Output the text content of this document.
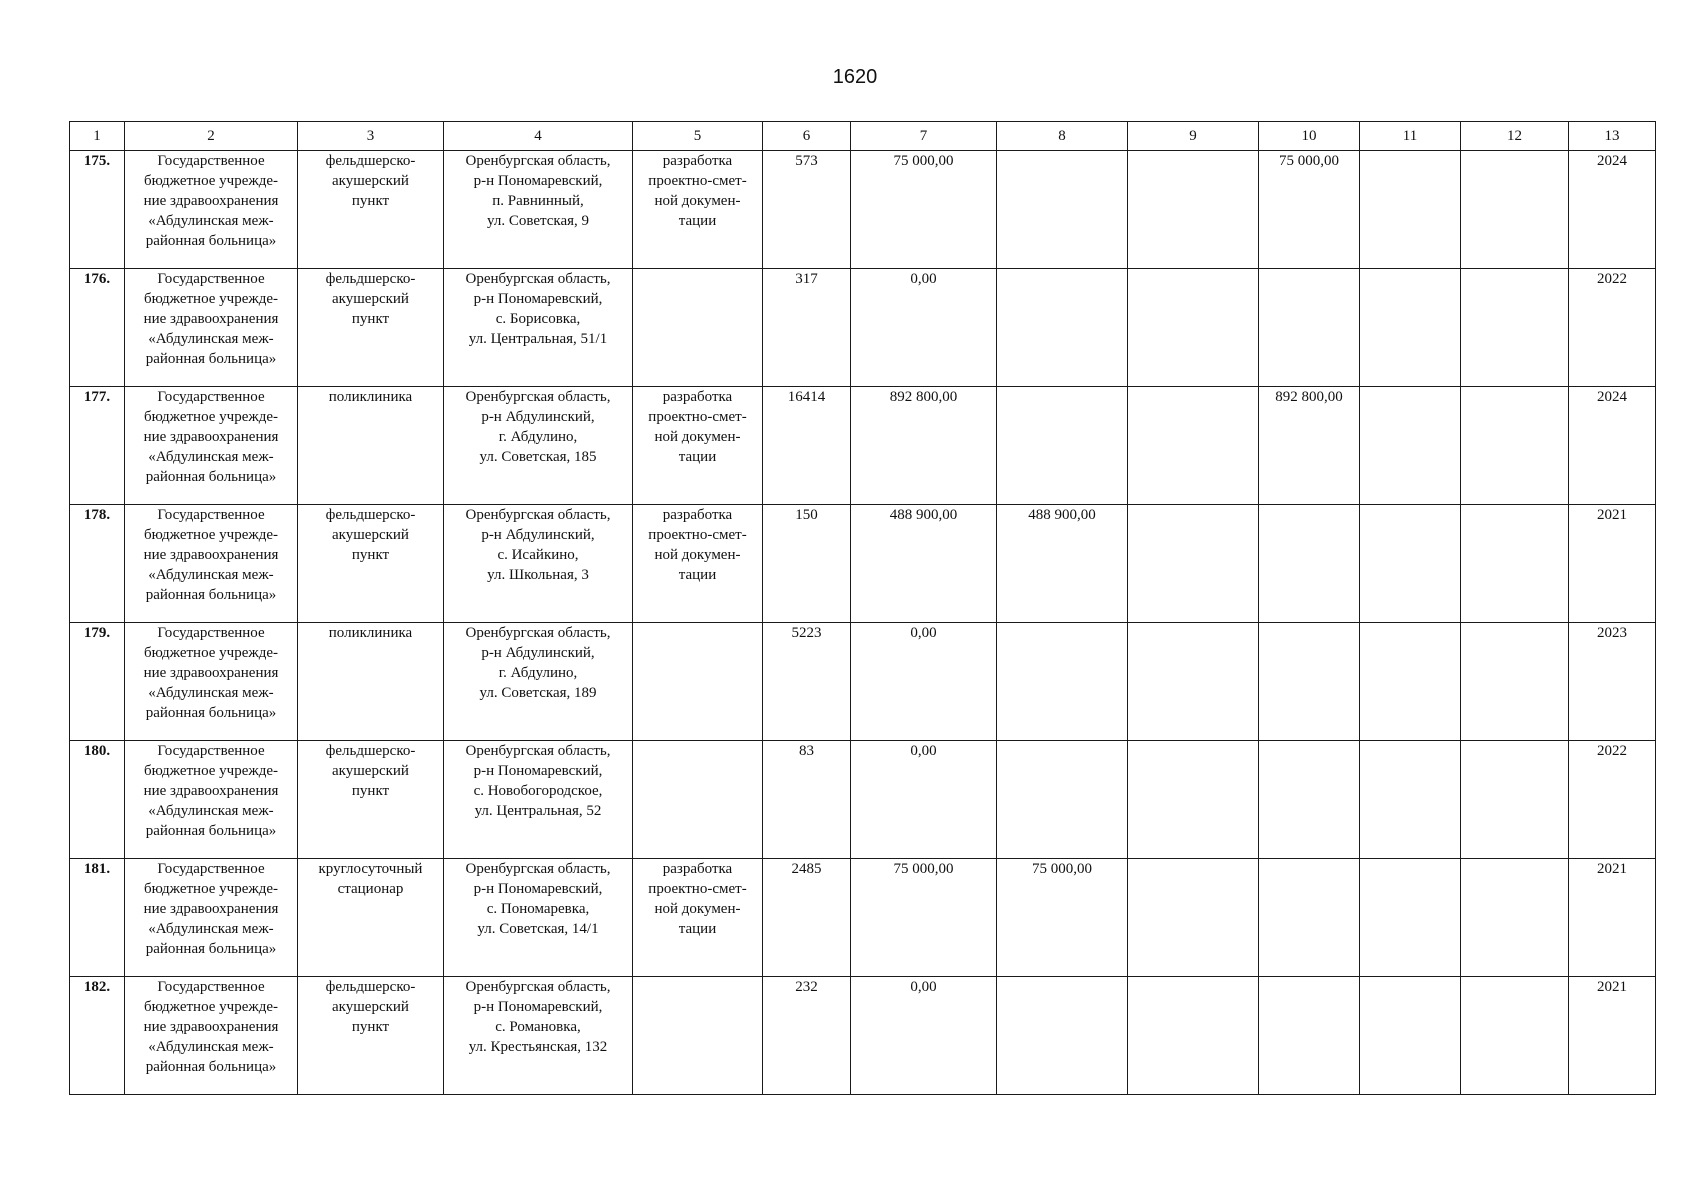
1620
1	2	3	4	5	6	7	8	9	10	11	12	13
175.	Государственное
бюджетное учрежде-
ние здравоохранения
«Абдулинская меж-
районная больница»	фельдшерско-
акушерский
пункт	Оренбургская область,
р-н Пономаревский,
п. Равнинный,
ул. Советская, 9	разработка
проектно-смет-
ной докумен-
тации	573	75 000,00			75 000,00			2024
176.	Государственное
бюджетное учрежде-
ние здравоохранения
«Абдулинская меж-
районная больница»	фельдшерско-
акушерский
пункт	Оренбургская область,
р-н Пономаревский,
с. Борисовка,
ул. Центральная, 51/1		317	0,00						2022
177.	Государственное
бюджетное учрежде-
ние здравоохранения
«Абдулинская меж-
районная больница»	поликлиника	Оренбургская область,
р-н Абдулинский,
г. Абдулино,
ул. Советская, 185	разработка
проектно-смет-
ной докумен-
тации	16414	892 800,00			892 800,00			2024
178.	Государственное
бюджетное учрежде-
ние здравоохранения
«Абдулинская меж-
районная больница»	фельдшерско-
акушерский
пункт	Оренбургская область,
р-н Абдулинский,
с. Исайкино,
ул. Школьная, 3	разработка
проектно-смет-
ной докумен-
тации	150	488 900,00	488 900,00					2021
179.	Государственное
бюджетное учрежде-
ние здравоохранения
«Абдулинская меж-
районная больница»	поликлиника	Оренбургская область,
р-н Абдулинский,
г. Абдулино,
ул. Советская, 189		5223	0,00						2023
180.	Государственное
бюджетное учрежде-
ние здравоохранения
«Абдулинская меж-
районная больница»	фельдшерско-
акушерский
пункт	Оренбургская область,
р-н Пономаревский,
с. Новобогородское,
ул. Центральная, 52		83	0,00						2022
181.	Государственное
бюджетное учрежде-
ние здравоохранения
«Абдулинская меж-
районная больница»	круглосуточный
стационар	Оренбургская область,
р-н Пономаревский,
с. Пономаревка,
ул. Советская, 14/1	разработка
проектно-смет-
ной докумен-
тации	2485	75 000,00	75 000,00					2021
182.	Государственное
бюджетное учрежде-
ние здравоохранения
«Абдулинская меж-
районная больница»	фельдшерско-
акушерский
пункт	Оренбургская область,
р-н Пономаревский,
с. Романовка,
ул. Крестьянская, 132		232	0,00						2021
